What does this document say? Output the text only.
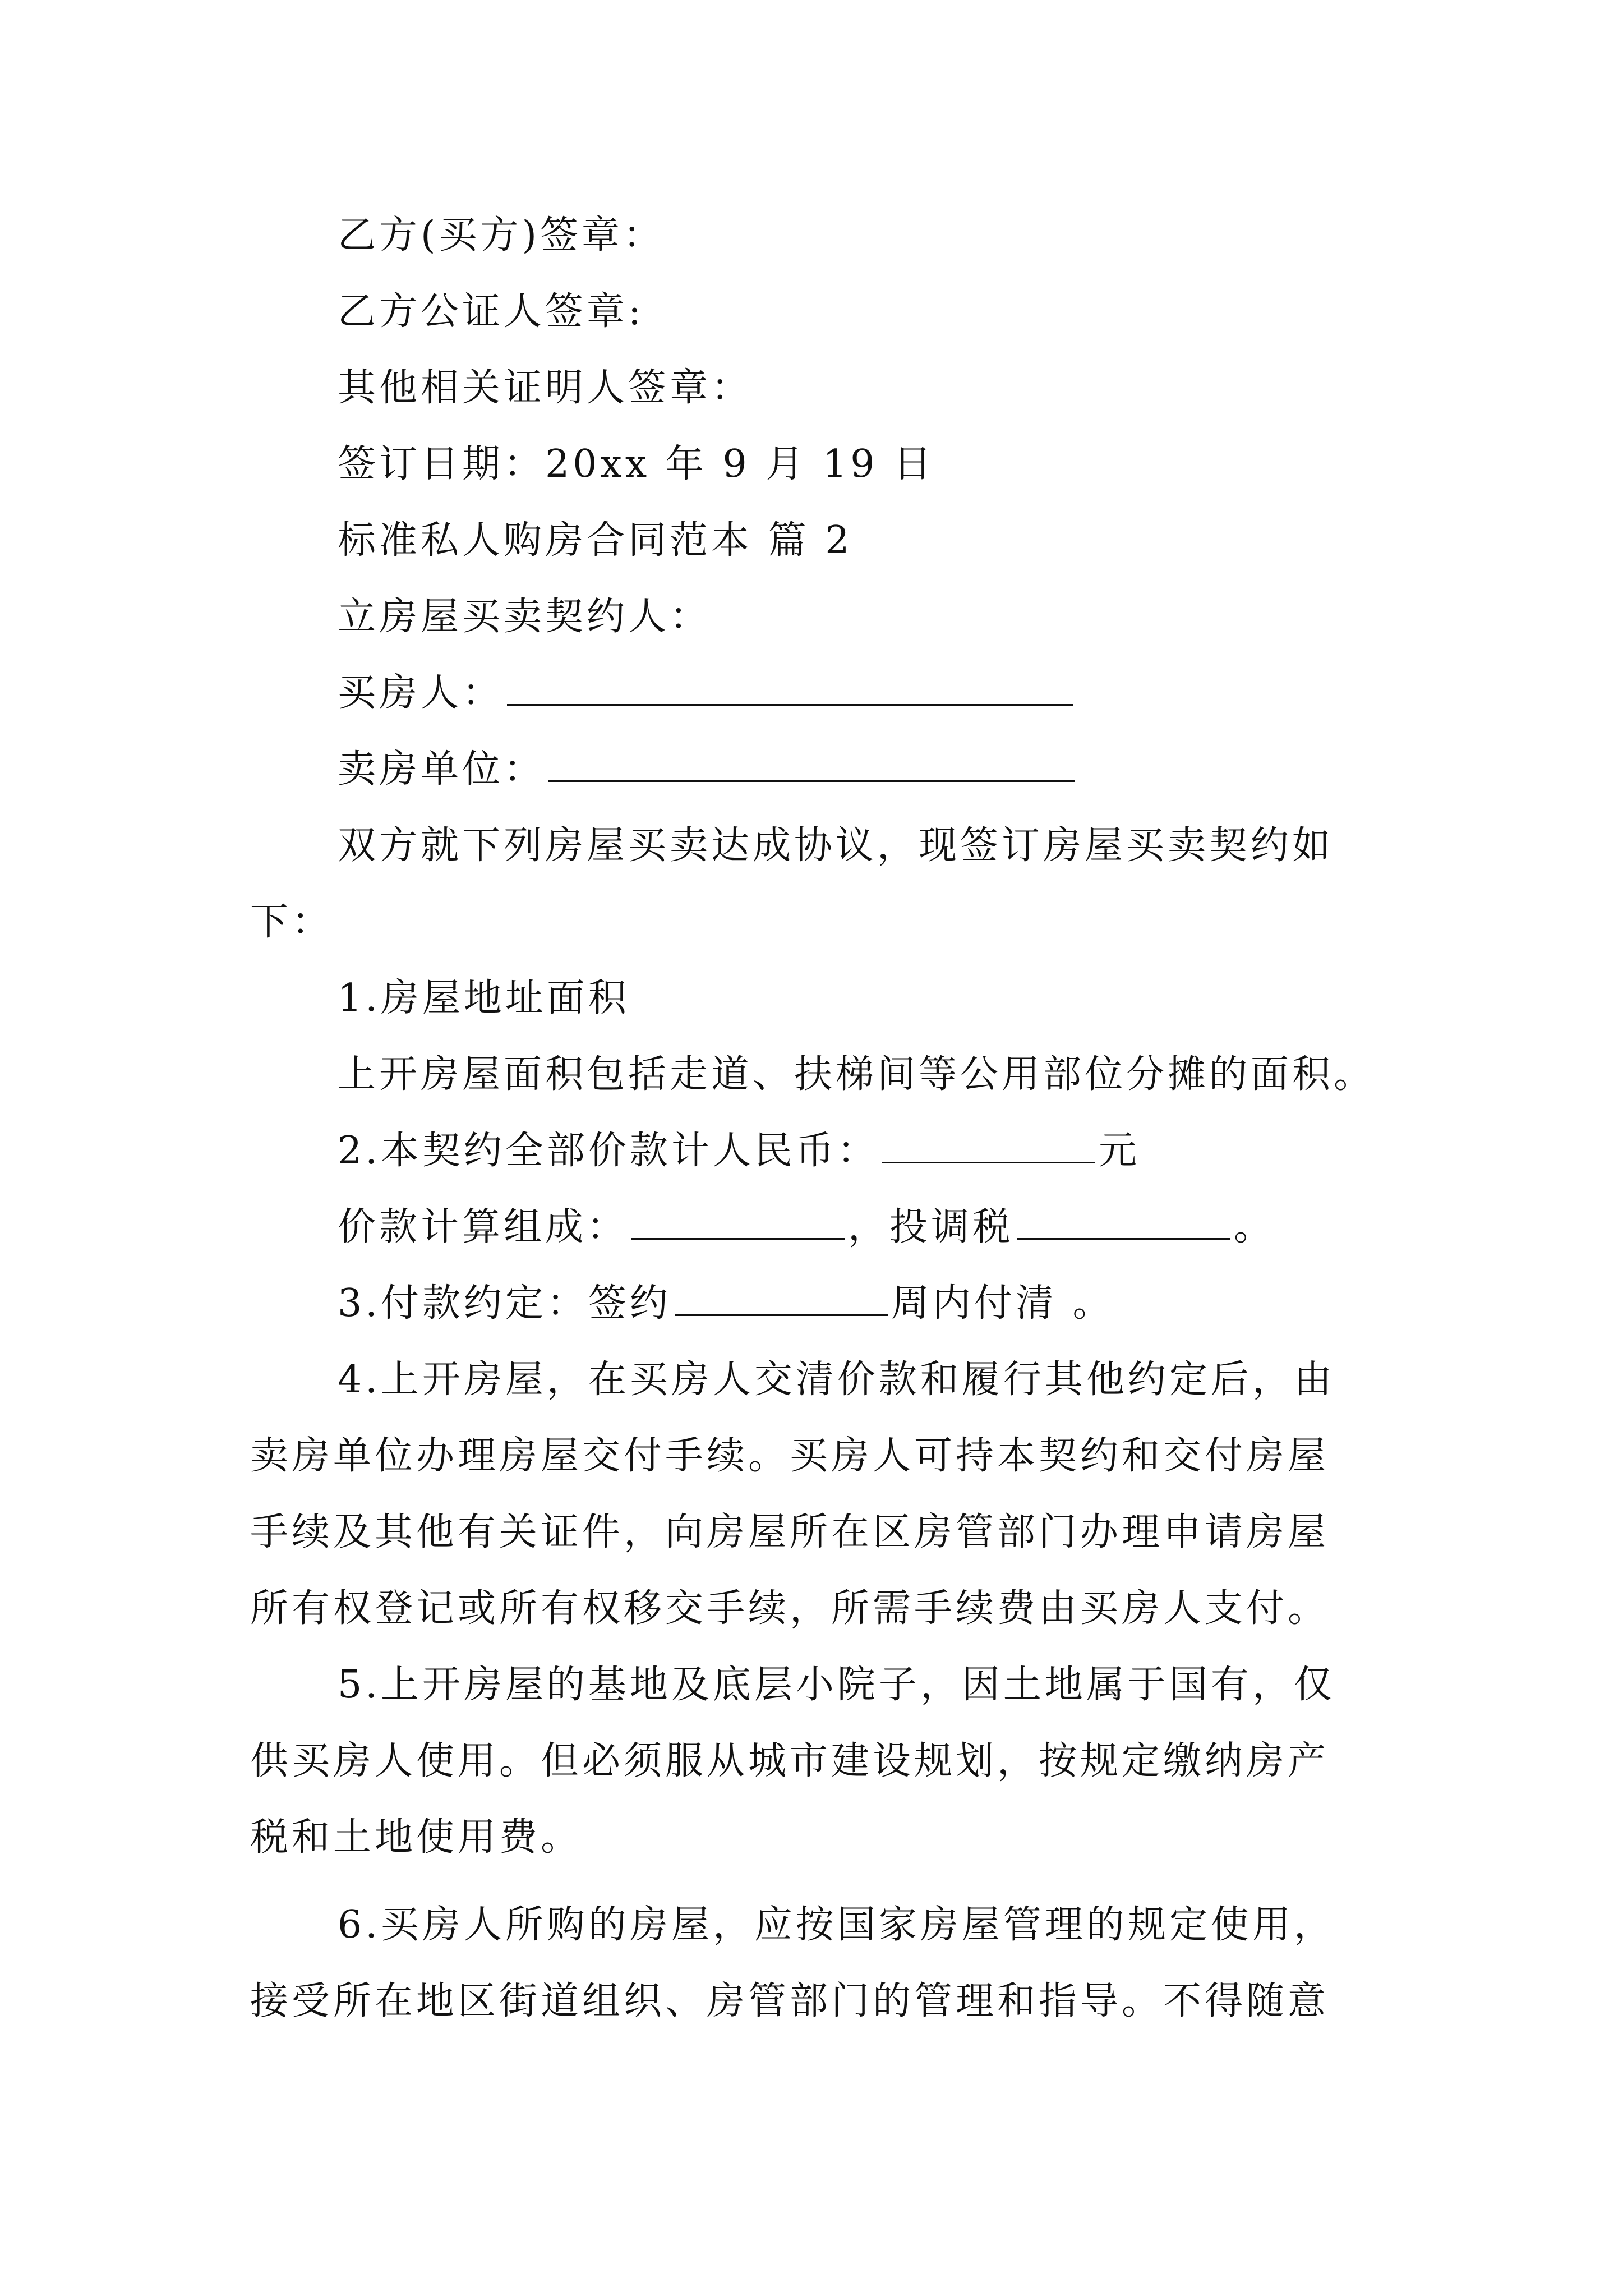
乙方(买方)签章：
乙方公证人签章:
其他相关证明人签章：
签订日期：20xx 年 9 月 19 日
标准私人购房合同范本 篇 2
立房屋买卖契约人：
买房人：
卖房单位：
双方就下列房屋买卖达成协议，现签订房屋买卖契约如
下：
1.房屋地址面积
上开房屋面积包括走道、扶梯间等公用部位分摊的面积。
2.本契约全部价款计人民币：	元
价款计算组成：	，投调税	。
3.付款约定：签约	周内付清 。
4.上开房屋，在买房人交清价款和履行其他约定后，由
卖房单位办理房屋交付手续。买房人可持本契约和交付房屋
手续及其他有关证件，向房屋所在区房管部门办理申请房屋
所有权登记或所有权移交手续，所需手续费由买房人支付。
5.上开房屋的基地及底层小院子，因土地属于国有，仅
供买房人使用。但必须服从城市建设规划，按规定缴纳房产
税和土地使用费。
6.买房人所购的房屋，应按国家房屋管理的规定使用，
接受所在地区街道组织、房管部门的管理和指导。不得随意
